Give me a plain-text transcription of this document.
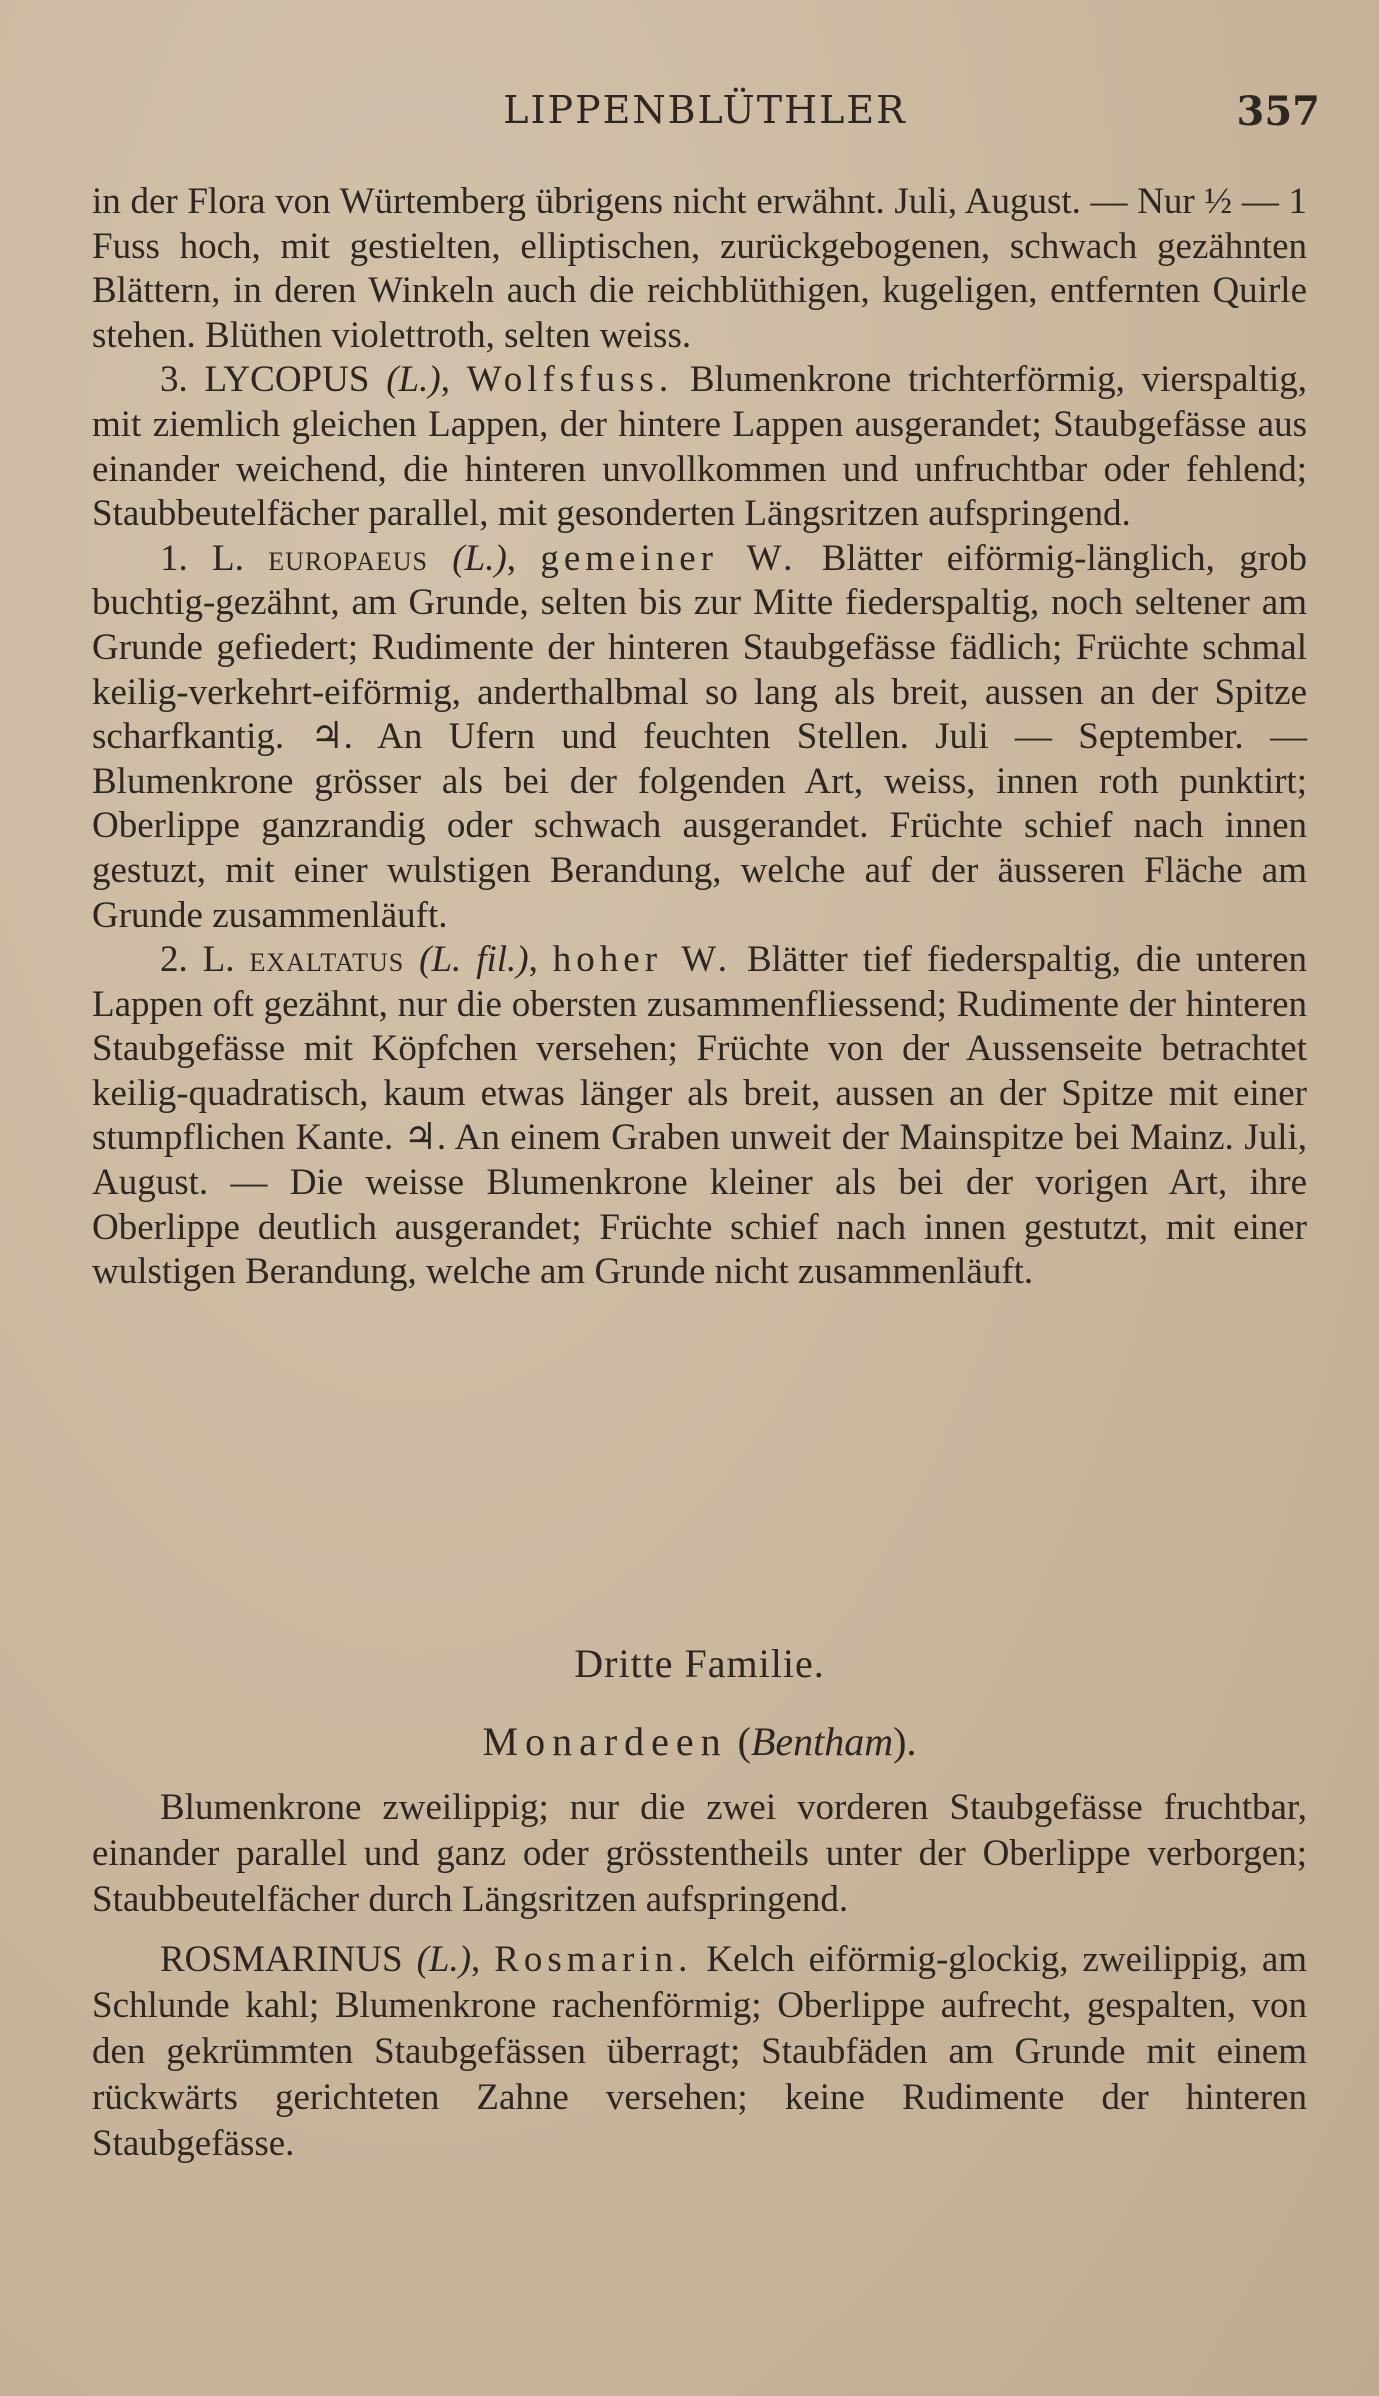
LIPPENBLÜTHLER	357

in der Flora von Würtemberg übrigens nicht erwähnt. Juli, August. — Nur ½ — 1 Fuss hoch, mit gestielten, elliptischen, zurückgebogenen, schwach gezähnten Blättern, in deren Winkeln auch die reichblüthigen, kugeligen, entfernten Quirle stehen. Blüthen violettroth, selten weiss.

3. LYCOPUS (L.), Wolfsfuss. Blumenkrone trichterförmig, vierspaltig, mit ziemlich gleichen Lappen, der hintere Lappen ausgerandet; Staubgefässe aus einander weichend, die hinteren unvollkommen und unfruchtbar oder fehlend; Staubbeutelfächer parallel, mit gesonderten Längsritzen aufspringend.

1. L. europaeus (L.), gemeiner W. Blätter eiförmig-länglich, grob buchtig-gezähnt, am Grunde, selten bis zur Mitte fiederspaltig, noch seltener am Grunde gefiedert; Rudimente der hinteren Staubgefässe fädlich; Früchte schmal keilig-verkehrt-eiförmig, anderthalbmal so lang als breit, aussen an der Spitze scharfkantig. ♃. An Ufern und feuchten Stellen. Juli — September. — Blumenkrone grösser als bei der folgenden Art, weiss, innen roth punktirt; Oberlippe ganzrandig oder schwach ausgerandet. Früchte schief nach innen gestuzt, mit einer wulstigen Berandung, welche auf der äusseren Fläche am Grunde zusammenläuft.

2. L. exaltatus (L. fil.), hoher W. Blätter tief fiederspaltig, die unteren Lappen oft gezähnt, nur die obersten zusammenfliessend; Rudimente der hinteren Staubgefässe mit Köpfchen versehen; Früchte von der Aussenseite betrachtet keilig-quadratisch, kaum etwas länger als breit, aussen an der Spitze mit einer stumpflichen Kante. ♃. An einem Graben unweit der Mainspitze bei Mainz. Juli, August. — Die weisse Blumenkrone kleiner als bei der vorigen Art, ihre Oberlippe deutlich ausgerandet; Früchte schief nach innen gestutzt, mit einer wulstigen Berandung, welche am Grunde nicht zusammenläuft.

Dritte Familie.
Monardeen (Bentham).

Blumenkrone zweilippig; nur die zwei vorderen Staubgefässe fruchtbar, einander parallel und ganz oder grösstentheils unter der Oberlippe verborgen; Staubbeutelfächer durch Längsritzen aufspringend.

ROSMARINUS (L.), Rosmarin. Kelch eiförmig-glockig, zweilippig, am Schlunde kahl; Blumenkrone rachenförmig; Oberlippe aufrecht, gespalten, von den gekrümmten Staubgefässen überragt; Staubfäden am Grunde mit einem rückwärts gerichteten Zahne versehen; keine Rudimente der hinteren Staubgefässe.
